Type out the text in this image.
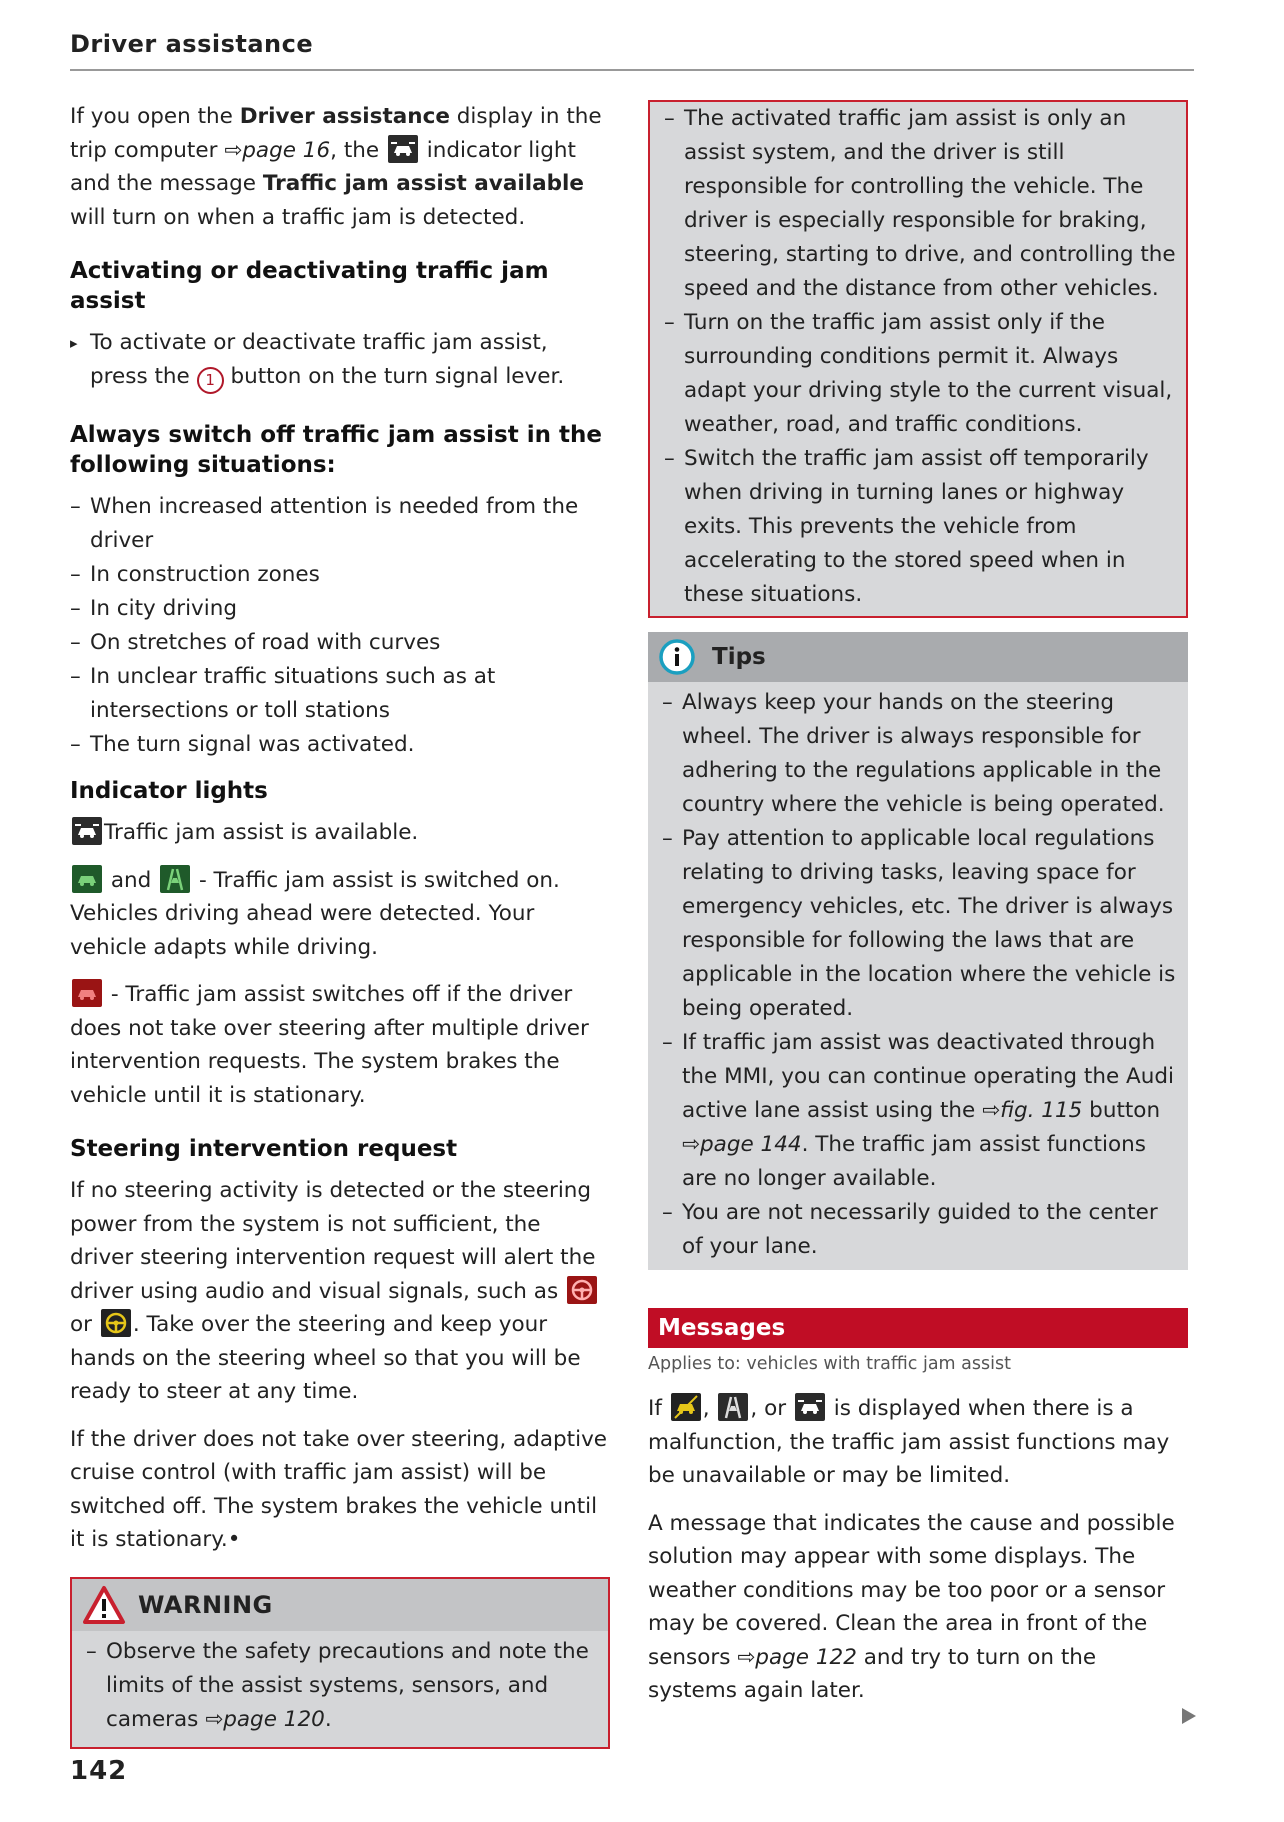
Driver assistance

If you open the Driver assistance display in the trip computer ⇨page 16, the
indicator light and the message Traffic jam assist available will turn on when a traffic jam is detected.

Activating or deactivating traffic jam assist
▸ To activate or deactivate traffic jam assist, press the 1 button on the turn signal lever.
Always switch off traffic jam assist in the following situations:
– When increased attention is needed from the driver
– In construction zones
– In city driving
– On stretches of road with curves
– In unclear traffic situations such as at intersections or toll stations
– The turn signal was activated.
Indicator lights

Traffic jam assist is available.

and
- Traffic jam assist is switched on. Vehicles driving ahead were detected. Your vehicle adapts while driving.

- Traffic jam assist switches off if the driver does not take over steering after multiple driver intervention requests. The system brakes the vehicle until it is stationary.

Steering intervention request

If no steering activity is detected or the steering power from the system is not sufficient, the driver steering intervention request will alert the driver using audio and visual signals, such as
or
. Take over the steering and keep your hands on the steering wheel so that you will be ready to steer at any time.

If the driver does not take over steering, adaptive cruise control (with traffic jam assist) will be switched off. The system brakes the vehicle until it is stationary.•

WARNING
– Observe the safety precautions and note the limits of the assist systems, sensors, and cameras ⇨page 120.
– The activated traffic jam assist is only an assist system, and the driver is still responsible for controlling the vehicle. The driver is especially responsible for braking, steering, starting to drive, and controlling the speed and the distance from other vehicles.
– Turn on the traffic jam assist only if the surrounding conditions permit it. Always adapt your driving style to the current visual, weather, road, and traffic conditions.
– Switch the traffic jam assist off temporarily when driving in turning lanes or highway exits. This prevents the vehicle from accelerating to the stored speed when in these situations.
Tips
– Always keep your hands on the steering wheel. The driver is always responsible for adhering to the regulations applicable in the country where the vehicle is being operated.
– Pay attention to applicable local regulations relating to driving tasks, leaving space for emergency vehicles, etc. The driver is always responsible for following the laws that are applicable in the location where the vehicle is being operated.
– If traffic jam assist was deactivated through the MMI, you can continue operating the Audi active lane assist using the ⇨fig. 115 button ⇨page 144. The traffic jam assist functions are no longer available.
– You are not necessarily guided to the center of your lane.
Messages
Applies to: vehicles with traffic jam assist

If
,
, or
is displayed when there is a malfunction, the traffic jam assist functions may be unavailable or may be limited.

A message that indicates the cause and possible solution may appear with some displays. The weather conditions may be too poor or a sensor may be covered. Clean the area in front of the sensors ⇨page 122 and try to turn on the systems again later.

142
